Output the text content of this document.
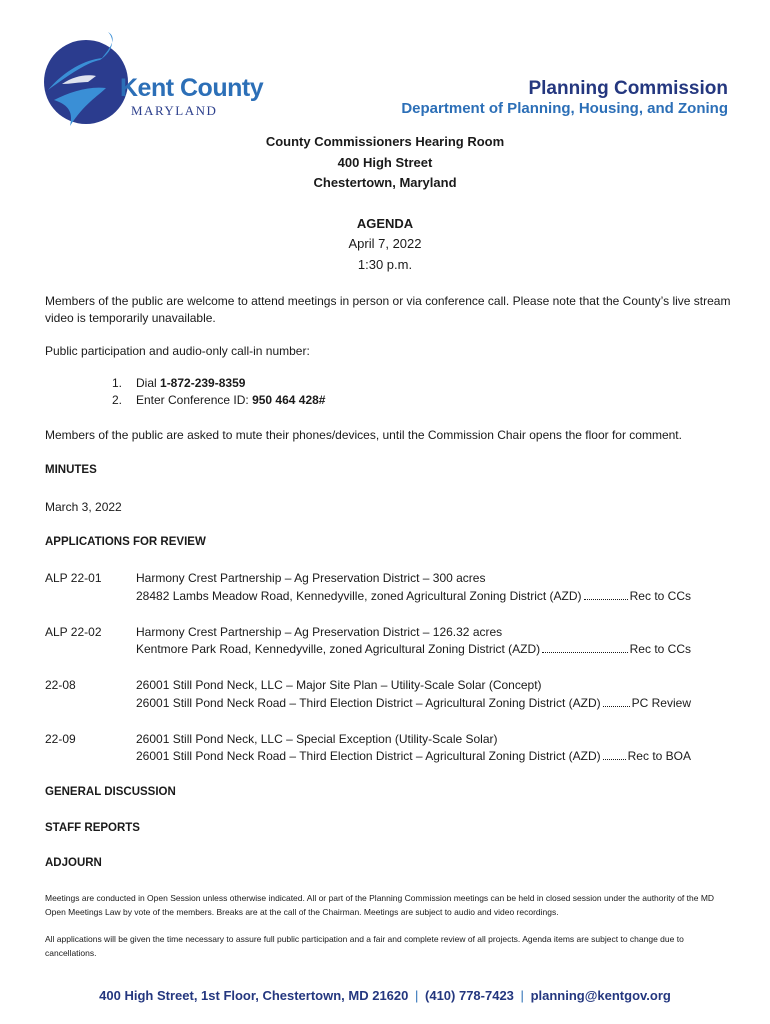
Kent County
MARYLAND
Planning Commission
Department of Planning, Housing, and Zoning
County Commissioners Hearing Room
400 High Street
Chestertown, Maryland
AGENDA
April 7, 2022
1:30 p.m.
Members of the public are welcome to attend meetings in person or via conference call. Please note that the County’s live stream video is temporarily unavailable.
Public participation and audio-only call-in number:
1. Dial 1-872-239-8359
2. Enter Conference ID: 950 464 428#
Members of the public are asked to mute their phones/devices, until the Commission Chair opens the floor for comment.
MINUTES
March 3, 2022
APPLICATIONS FOR REVIEW
ALP 22-01	Harmony Crest Partnership – Ag Preservation District – 300 acres
28482 Lambs Meadow Road, Kennedyville, zoned Agricultural Zoning District (AZD)	Rec to CCs
ALP 22-02	Harmony Crest Partnership – Ag Preservation District – 126.32 acres
Kentmore Park Road, Kennedyville, zoned Agricultural Zoning District (AZD)	Rec to CCs
22-08	26001 Still Pond Neck, LLC – Major Site Plan – Utility-Scale Solar (Concept)
26001 Still Pond Neck Road – Third Election District – Agricultural Zoning District (AZD)	PC Review
22-09	26001 Still Pond Neck, LLC – Special Exception (Utility-Scale Solar)
26001 Still Pond Neck Road – Third Election District – Agricultural Zoning District (AZD) Rec to BOA
GENERAL DISCUSSION
STAFF REPORTS
ADJOURN
Meetings are conducted in Open Session unless otherwise indicated. All or part of the Planning Commission meetings can be held in closed session under the authority of the MD Open Meetings Law by vote of the members. Breaks are at the call of the Chairman. Meetings are subject to audio and video recordings.
All applications will be given the time necessary to assure full public participation and a fair and complete review of all projects. Agenda items are subject to change due to cancellations.
400 High Street, 1st Floor, Chestertown, MD 21620 | (410) 778-7423 | planning@kentgov.org
